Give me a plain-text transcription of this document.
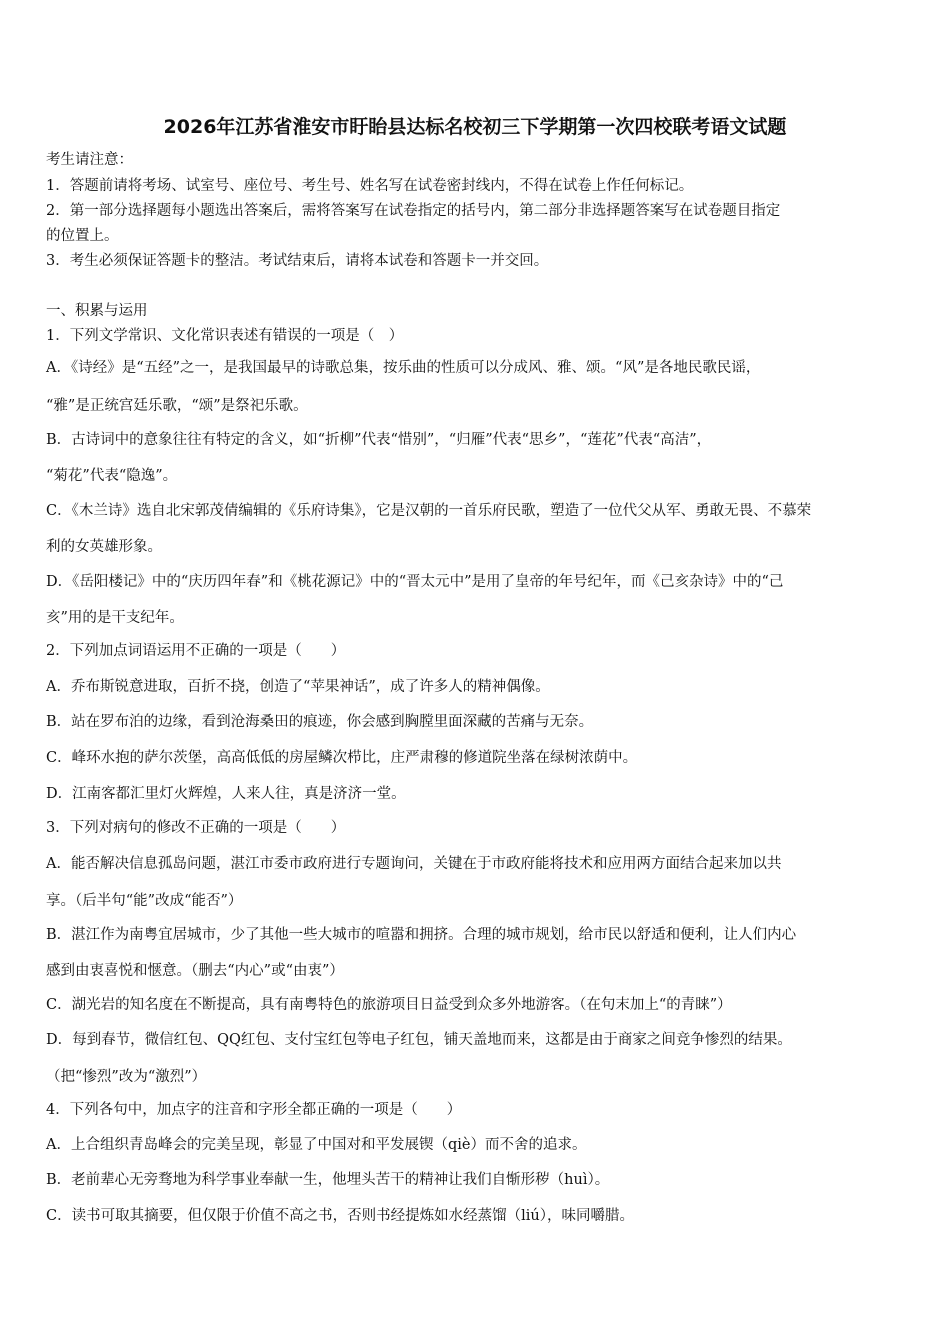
2026年江苏省淮安市盱眙县达标名校初三下学期第一次四校联考语文试题
考生请注意：
1．答题前请将考场、试室号、座位号、考生号、姓名写在试卷密封线内，不得在试卷上作任何标记。
2．第一部分选择题每小题选出答案后，需将答案写在试卷指定的括号内，第二部分非选择题答案写在试卷题目指定
的位置上。
3．考生必须保证答题卡的整洁。考试结束后，请将本试卷和答题卡一并交回。
一、积累与运用
1．下列文学常识、文化常识表述有错误的一项是（　）
A．《诗经》是“五经”之一，是我国最早的诗歌总集，按乐曲的性质可以分成风、雅、颂。“风”是各地民歌民谣，
“雅”是正统宫廷乐歌，“颂”是祭祀乐歌。
B．古诗词中的意象往往有特定的含义，如“折柳”代表“惜别”，“归雁”代表“思乡”，“莲花”代表“高洁”，
“菊花”代表“隐逸”。
C．《木兰诗》选自北宋郭茂倩编辑的《乐府诗集》，它是汉朝的一首乐府民歌，塑造了一位代父从军、勇敢无畏、不慕荣
利的女英雄形象。
D．《岳阳楼记》中的“庆历四年春”和《桃花源记》中的“晋太元中”是用了皇帝的年号纪年，而《己亥杂诗》中的“己
亥”用的是干支纪年。
2．下列加点词语运用不正确的一项是（　　）
A．乔布斯锐意进取，百折不挠，创造了“苹果神话”，成了许多人的精神偶像。
B．站在罗布泊的边缘，看到沧海桑田的痕迹，你会感到胸膛里面深藏的苦痛与无奈。
C．峰环水抱的萨尔茨堡，高高低低的房屋鳞次栉比，庄严肃穆的修道院坐落在绿树浓荫中。
D．江南客都汇里灯火辉煌，人来人往，真是济济一堂。
3．下列对病句的修改不正确的一项是（　　）
A．能否解决信息孤岛问题，湛江市委市政府进行专题询问，关键在于市政府能将技术和应用两方面结合起来加以共
享。（后半句“能”改成“能否”）
B．湛江作为南粤宜居城市，少了其他一些大城市的喧嚣和拥挤。合理的城市规划，给市民以舒适和便利，让人们内心
感到由衷喜悦和惬意。（删去“内心”或“由衷”）
C．湖光岩的知名度在不断提高，具有南粤特色的旅游项目日益受到众多外地游客。（在句末加上“的青睐”）
D．每到春节，微信红包、QQ红包、支付宝红包等电子红包，铺天盖地而来，这都是由于商家之间竞争惨烈的结果。
（把“惨烈”改为“激烈”）
4．下列各句中，加点字的注音和字形全都正确的一项是（　　）
A．上合组织青岛峰会的完美呈现，彰显了中国对和平发展锲（qiè）而不舍的追求。
B．老前辈心无旁骛地为科学事业奉献一生，他埋头苦干的精神让我们自惭形秽（huì）。
C．读书可取其摘要，但仅限于价值不高之书，否则书经提炼如水经蒸馏（liú），味同嚼腊。
